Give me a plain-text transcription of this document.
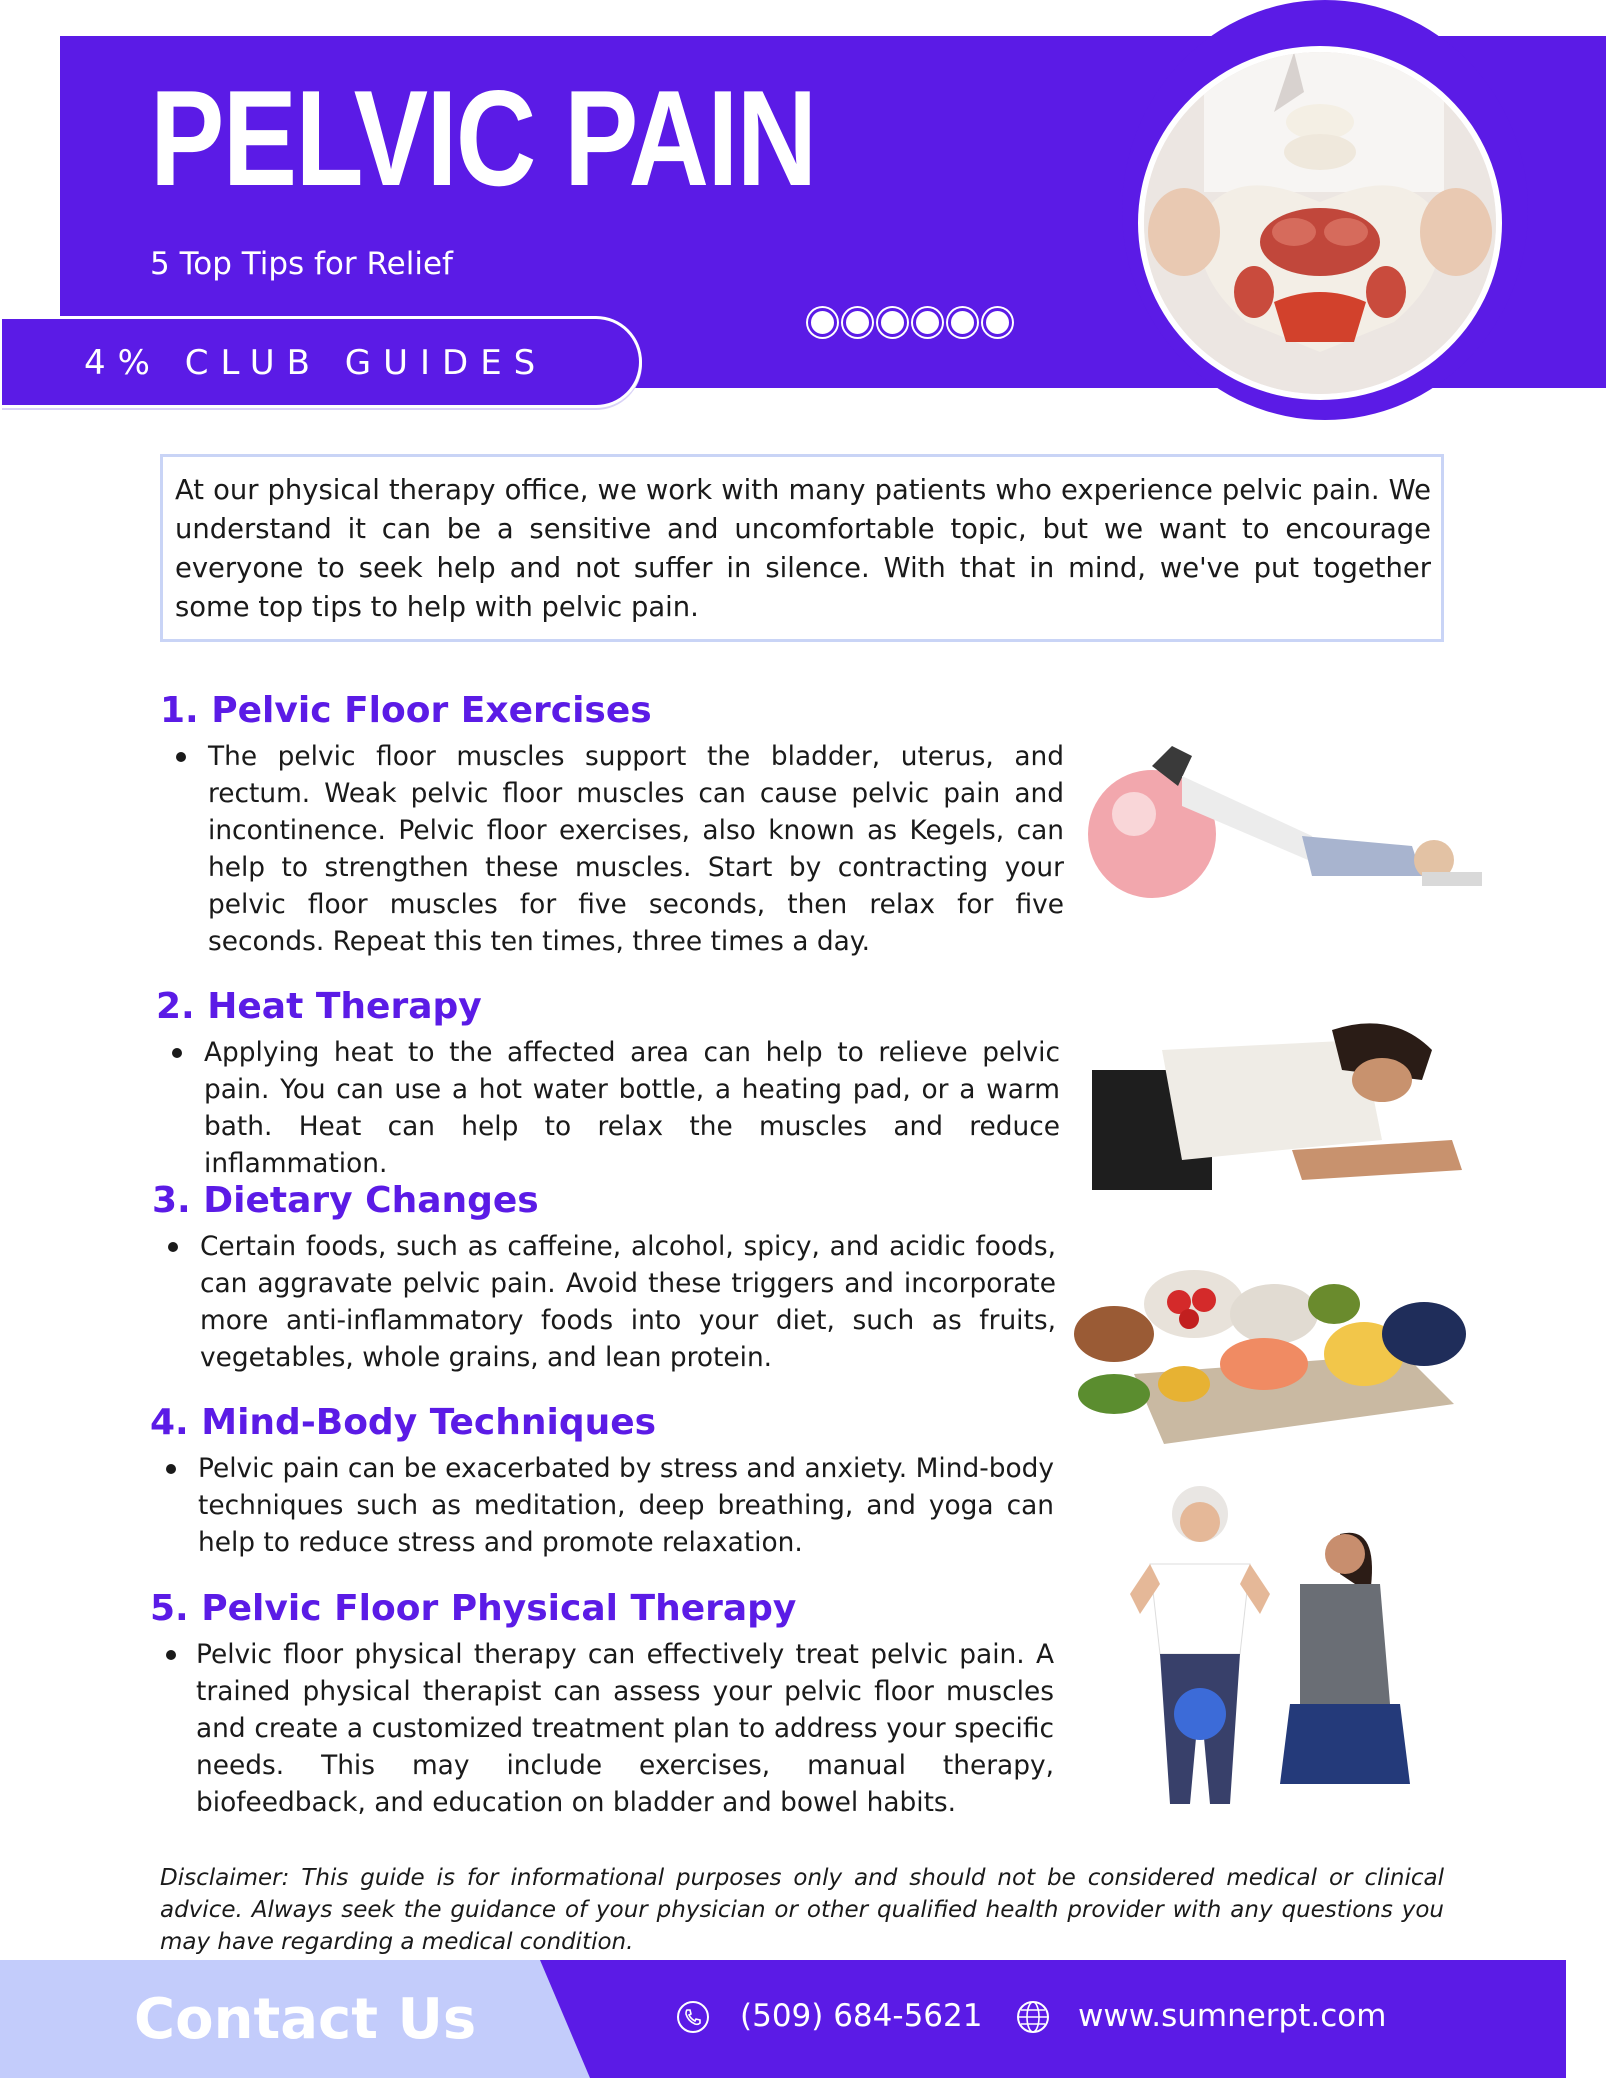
PELVIC PAIN

5 Top Tips for Relief

4% CLUB GUIDES
At our physical therapy office, we work with many patients who experience pelvic pain. We understand it can be a sensitive and uncomfortable topic, but we want to encourage everyone to seek help and not suffer in silence. With that in mind, we've put together some top tips to help with pelvic pain.
1. Pelvic Floor Exercises

The pelvic floor muscles support the bladder, uterus, and rectum. Weak pelvic floor muscles can cause pelvic pain and incontinence. Pelvic floor exercises, also known as Kegels, can help to strengthen these muscles. Start by contracting your pelvic floor muscles for five seconds, then relax for five seconds. Repeat this ten times, three times a day.

2. Heat Therapy

Applying heat to the affected area can help to relieve pelvic pain. You can use a hot water bottle, a heating pad, or a warm bath. Heat can help to relax the muscles and reduce inflammation.

3. Dietary Changes

Certain foods, such as caffeine, alcohol, spicy, and acidic foods, can aggravate pelvic pain. Avoid these triggers and incorporate more anti-inflammatory foods into your diet, such as fruits, vegetables, whole grains, and lean protein.

4. Mind-Body Techniques

Pelvic pain can be exacerbated by stress and anxiety. Mind-body techniques such as meditation, deep breathing, and yoga can help to reduce stress and promote relaxation.

5. Pelvic Floor Physical Therapy

Pelvic floor physical therapy can effectively treat pelvic pain. A trained physical therapist can assess your pelvic floor muscles and create a customized treatment plan to address your specific needs. This may include exercises, manual therapy, biofeedback, and education on bladder and bowel habits.

Disclaimer: This guide is for informational purposes only and should not be considered medical or clinical advice. Always seek the guidance of your physician or other qualified health provider with any questions you may have regarding a medical condition.

Contact Us	(509) 684-5621	www.sumnerpt.com
